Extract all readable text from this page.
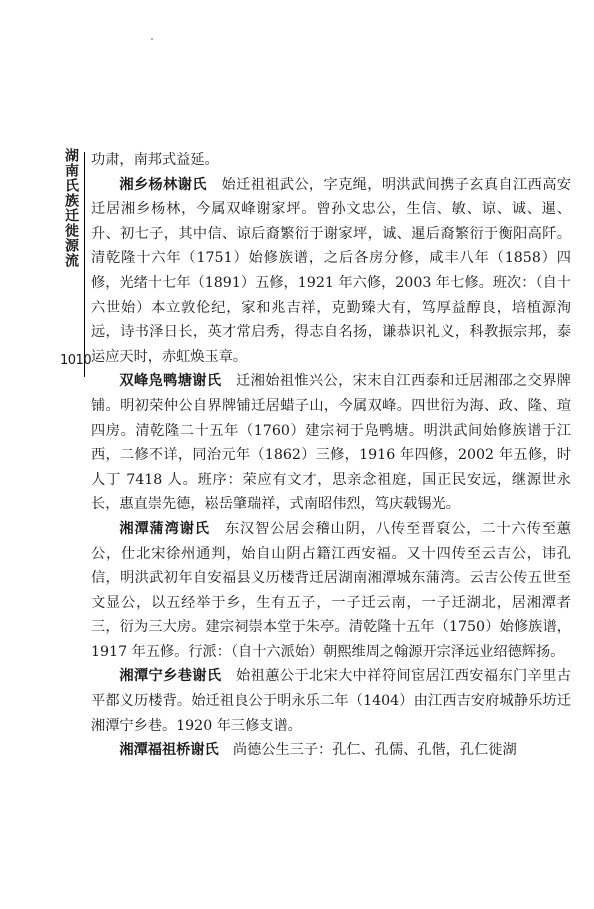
湖南氏族迁徙源流
1010

功肃，南邦式益延。

湘乡杨林谢氏　始迁祖祖武公，字克绳，明洪武间携子玄真自江西高安迁居湘乡杨林，今属双峰谢家坪。曾孙文忠公，生信、敏、谅、诚、暹、升、初七子，其中信、谅后裔繁衍于谢家坪，诚、暹后裔繁衍于衡阳高阡。清乾隆十六年（1751）始修族谱，之后各房分修，咸丰八年（1858）四修，光绪十七年（1891）五修，1921 年六修，2003 年七修。班次：（自十六世始）本立敦伦纪，家和兆吉祥，克勤臻大有，笃厚益醇良，培植源洵远，诗书泽日长，英才常启秀，得志自名扬，谦恭识礼义，科教振宗邦，泰运应天时，赤虹焕玉章。

双峰凫鸭塘谢氏　迁湘始祖惟兴公，宋末自江西泰和迁居湘邵之交界牌铺。明初荣仲公自界牌铺迁居蜡子山，今属双峰。四世衍为海、政、隆、瑄四房。清乾隆二十五年（1760）建宗祠于凫鸭塘。明洪武间始修族谱于江西，二修不详，同治元年（1862）三修，1916 年四修，2002 年五修，时人丁 7418 人。班序：荣应有文才，思亲念祖庭，国正民安远，继源世永长，惠直崇先德，崧岳肇瑞祥，式南昭伟烈，笃庆载锡光。

湘潭蒲湾谢氏　东汉智公居会稽山阴，八传至晋裒公，二十六传至蕙公，仕北宋徐州通判，始自山阴占籍江西安福。又十四传至云吉公，讳孔信，明洪武初年自安福县义历楼背迁居湖南湘潭城东蒲湾。云吉公传五世至文显公，以五经举于乡，生有五子，一子迁云南，一子迁湖北，居湘潭者三，衍为三大房。建宗祠崇本堂于朱亭。清乾隆十五年（1750）始修族谱，1917 年五修。行派：（自十六派始）朝熙维周之翰源开宗泽远业绍德辉扬。

湘潭宁乡巷谢氏　始祖蕙公于北宋大中祥符间宦居江西安福东门辛里古平都义历楼背。始迁祖良公于明永乐二年（1404）由江西吉安府城静乐坊迁湘潭宁乡巷。1920 年三修支谱。

湘潭福祖桥谢氏　尚德公生三子：孔仁、孔儒、孔偕，孔仁徙湖
